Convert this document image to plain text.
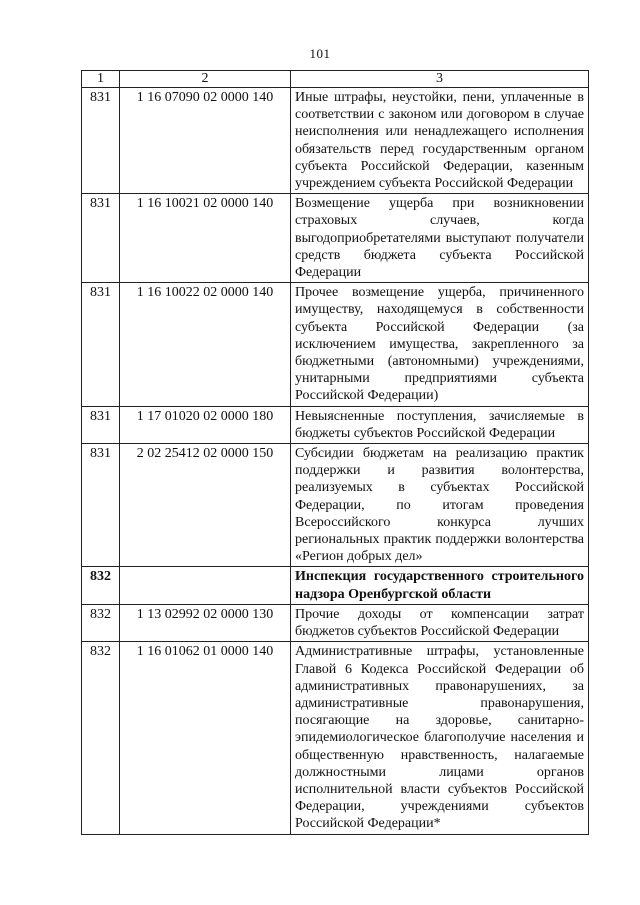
101
1	2	3
831	1 16 07090 02 0000 140	Иные штрафы, неустойки, пени, уплаченные в соответствии с законом или договором в случае неисполнения или ненадлежащего исполнения обязательств перед государственным органом субъекта Российской Федерации, казенным учреждением субъекта Российской Федерации
831	1 16 10021 02 0000 140	Возмещение ущерба при возникновении страховых случаев, когда выгодоприобретателями выступают получатели средств бюджета субъекта Российской Федерации
831	1 16 10022 02 0000 140	Прочее возмещение ущерба, причиненного имуществу, находящемуся в собственности субъекта Российской Федерации (за исключением имущества, закрепленного за бюджетными (автономными) учреждениями, унитарными предприятиями субъекта Российской Федерации)
831	1 17 01020 02 0000 180	Невыясненные поступления, зачисляемые в бюджеты субъектов Российской Федерации
831	2 02 25412 02 0000 150	Субсидии бюджетам на реализацию практик поддержки и развития волонтерства, реализуемых в субъектах Российской Федерации, по итогам проведения Всероссийского конкурса лучших региональных практик поддержки волонтерства «Регион добрых дел»
832		Инспекция государственного строительного надзора Оренбургской области
832	1 13 02992 02 0000 130	Прочие доходы от компенсации затрат бюджетов субъектов Российской Федерации
832	1 16 01062 01 0000 140	Административные штрафы, установленные Главой 6 Кодекса Российской Федерации об административных правонарушениях, за административные правонарушения, посягающие на здоровье, санитарно-эпидемиологическое благополучие населения и общественную нравственность, налагаемые должностными лицами органов исполнительной власти субъектов Российской Федерации, учреждениями субъектов Российской Федерации*
